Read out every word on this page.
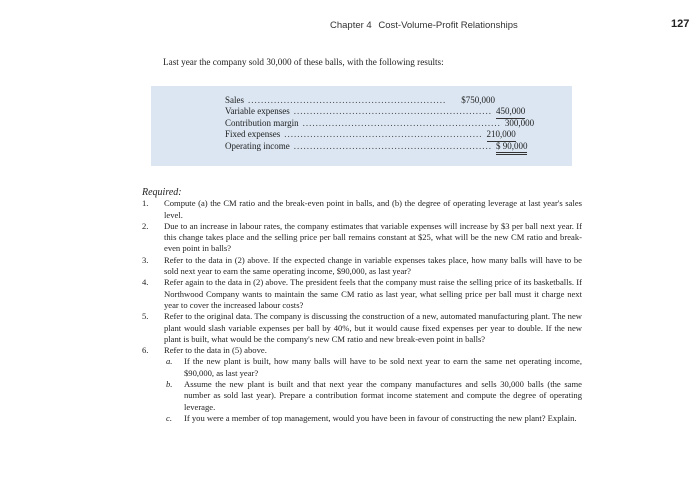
Chapter 4 Cost-Volume-Profit Relationships	127
Last year the company sold 30,000 of these balls, with the following results:
Sales .............................................................	$750,000
Variable expenses ............................................................. 450,000
Contribution margin ............................................................. 300,000
Fixed expenses ............................................................. 210,000
Operating income ............................................................. $ 90,000
Required:
1.	Compute (a) the CM ratio and the break-even point in balls, and (b) the degree of operating leverage at last year's sales level.
2.	Due to an increase in labour rates, the company estimates that variable expenses will increase by $3 per ball next year. If this change takes place and the selling price per ball remains constant at $25, what will be the new CM ratio and break-even point in balls?
3.	Refer to the data in (2) above. If the expected change in variable expenses takes place, how many balls will have to be sold next year to earn the same operating income, $90,000, as last year?
4.	Refer again to the data in (2) above. The president feels that the company must raise the selling price of its basketballs. If Northwood Company wants to maintain the same CM ratio as last year, what selling price per ball must it charge next year to cover the increased labour costs?
5.	Refer to the original data. The company is discussing the construction of a new, automated manufacturing plant. The new plant would slash variable expenses per ball by 40%, but it would cause fixed expenses per year to double. If the new plant is built, what would be the company's new CM ratio and new break-even point in balls?
6.	Refer to the data in (5) above.
a.	If the new plant is built, how many balls will have to be sold next year to earn the same net operating income, $90,000, as last year?
b.	Assume the new plant is built and that next year the company manufactures and sells 30,000 balls (the same number as sold last year). Prepare a contribution format income statement and compute the degree of operating leverage.
c.	If you were a member of top management, would you have been in favour of constructing the new plant? Explain.
